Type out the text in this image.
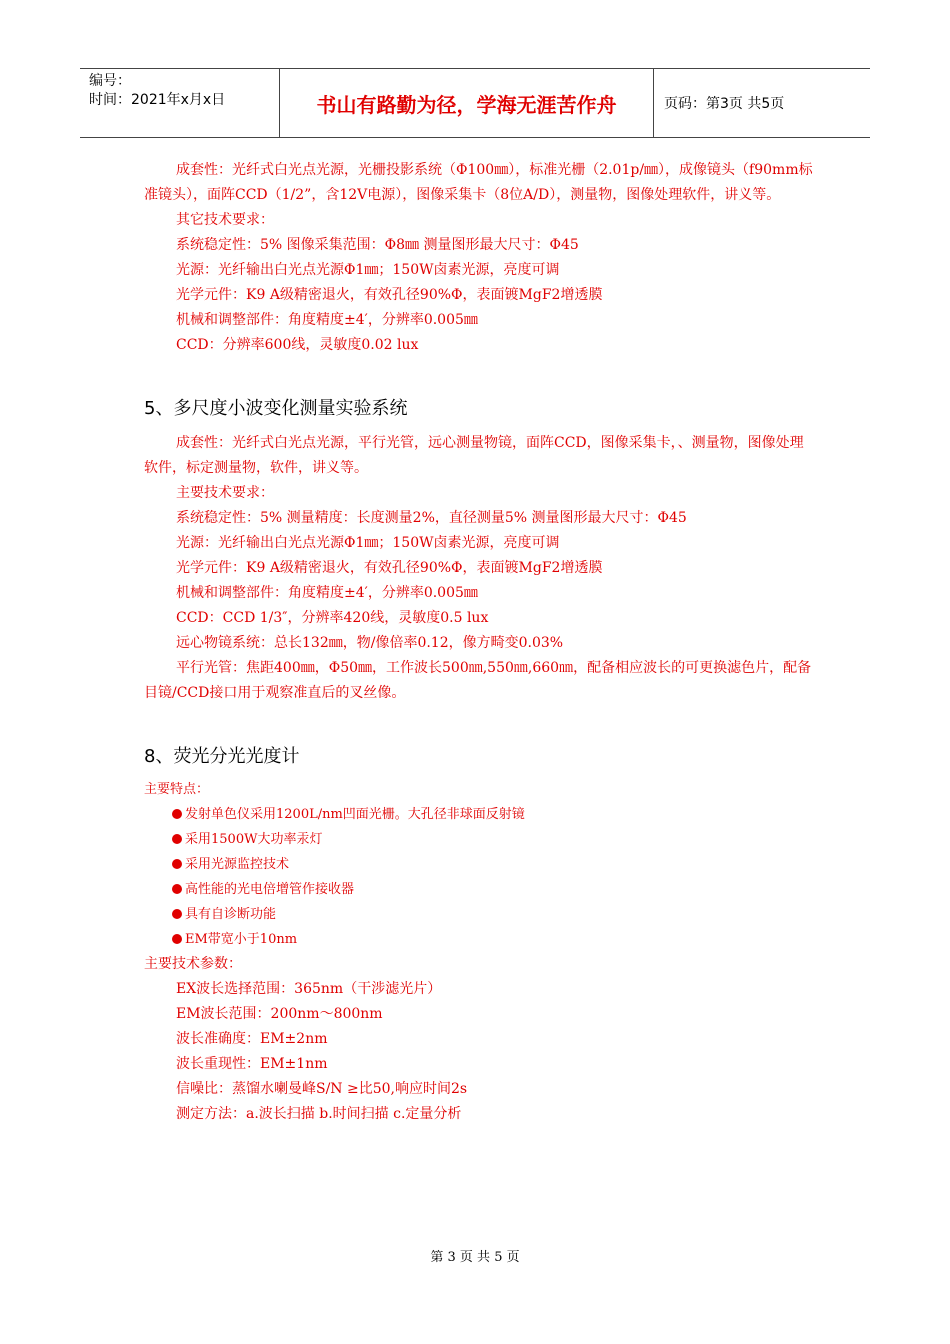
编号：
时间：2021年x月x日	书山有路勤为径，学海无涯苦作舟	页码：第3页 共5页

成套性：光纤式白光点光源，光栅投影系统（Φ100㎜），标准光栅（2.01p/㎜），成像镜头（f90mm标准镜头），面阵CCD（1/2”，含12V电源），图像采集卡（8位A/D），测量物，图像处理软件，讲义等。

其它技术要求：

系统稳定性：5% 图像采集范围：Φ8㎜ 测量图形最大尺寸：Φ45

光源：光纤输出白光点光源Φ1㎜；150W卤素光源，亮度可调

光学元件：K9 A级精密退火，有效孔径90%Φ，表面镀MgF2增透膜

机械和调整部件：角度精度±4′，分辨率0.005㎜

CCD：分辨率600线，灵敏度0.02 lux

5、多尺度小波变化测量实验系统

成套性：光纤式白光点光源，平行光管，远心测量物镜，面阵CCD，图像采集卡，、测量物，图像处理软件，标定测量物，软件，讲义等。

主要技术要求：

系统稳定性：5% 测量精度：长度测量2%，直径测量5% 测量图形最大尺寸：Φ45

光源：光纤输出白光点光源Φ1㎜；150W卤素光源，亮度可调

光学元件：K9 A级精密退火，有效孔径90%Φ，表面镀MgF2增透膜

机械和调整部件：角度精度±4′，分辨率0.005㎜

CCD：CCD 1/3″，分辨率420线，灵敏度0.5 lux

远心物镜系统：总长132㎜，物/像倍率0.12，像方畸变0.03%

平行光管：焦距400㎜，Φ50㎜，工作波长500㎚,550㎚,660㎚，配备相应波长的可更换滤色片，配备目镜/CCD接口用于观察准直后的叉丝像。

8、荧光分光光度计

主要特点：

发射单色仪采用1200L/nm凹面光栅。大孔径非球面反射镜

采用1500W大功率汞灯

采用光源监控技术

高性能的光电倍增管作接收器

具有自诊断功能

EM带宽小于10nm

主要技术参数：

EX波长选择范围：365nm（干涉滤光片）

EM波长范围：200nm～800nm

波长准确度：EM±2nm

波长重现性：EM±1nm

信噪比：蒸馏水喇曼峰S/N ≥比50,响应时间2s

测定方法：a.波长扫描 b.时间扫描 c.定量分析

第 3 页 共 5 页
